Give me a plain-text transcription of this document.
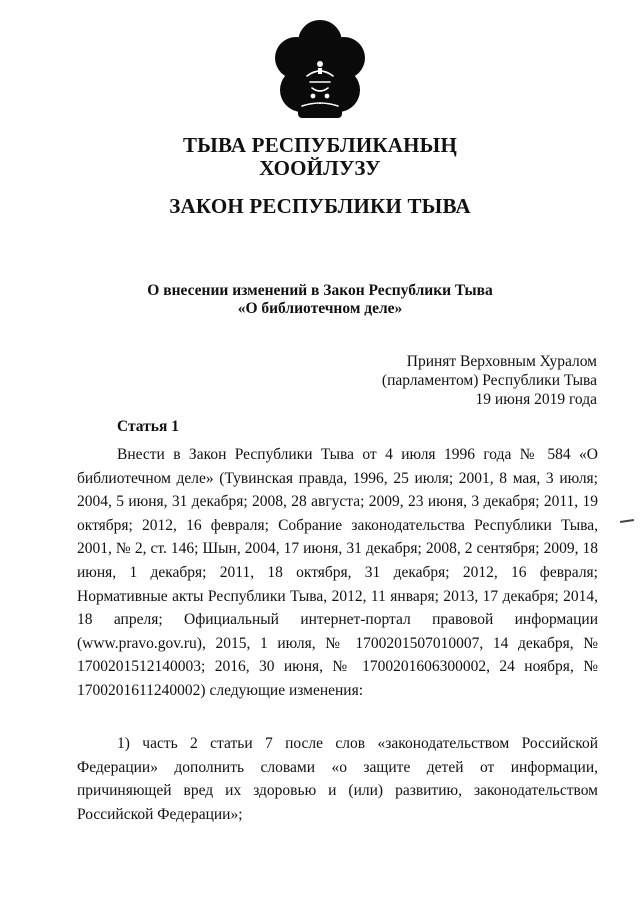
ТЫВА РЕСПУБЛИКАНЫҢ
ХООЙЛУЗУ
ЗАКОН РЕСПУБЛИКИ ТЫВА
О внесении изменений в Закон Республики Тыва
«О библиотечном деле»
Принят Верховным Хуралом
(парламентом) Республики Тыва
19 июня 2019 года
Статья 1
Внести в Закон Республики Тыва от 4 июля 1996 года № 584 «О библиотечном деле» (Тувинская правда, 1996, 25 июля; 2001, 8 мая, 3 июля; 2004, 5 июня, 31 декабря; 2008, 28 августа; 2009, 23 июня, 3 декабря; 2011, 19 октября; 2012, 16 февраля; Собрание законодательства Республики Тыва, 2001, № 2, ст. 146; Шын, 2004, 17 июня, 31 декабря; 2008, 2 сентября; 2009, 18 июня, 1 декабря; 2011, 18 октября, 31 декабря; 2012, 16 февраля; Нормативные акты Республики Тыва, 2012, 11 января; 2013, 17 декабря; 2014, 18 апреля; Официальный интернет-портал правовой информации (www.pravo.gov.ru), 2015, 1 июля, № 1700201507010007, 14 декабря, № 1700201512140003; 2016, 30 июня, № 1700201606300002, 24 ноября, № 1700201611240002) следующие изменения:
1) часть 2 статьи 7 после слов «законодательством Российской Федерации» дополнить словами «о защите детей от информации, причиняющей вред их здоровью и (или) развитию, законодательством Российской Федерации»;
